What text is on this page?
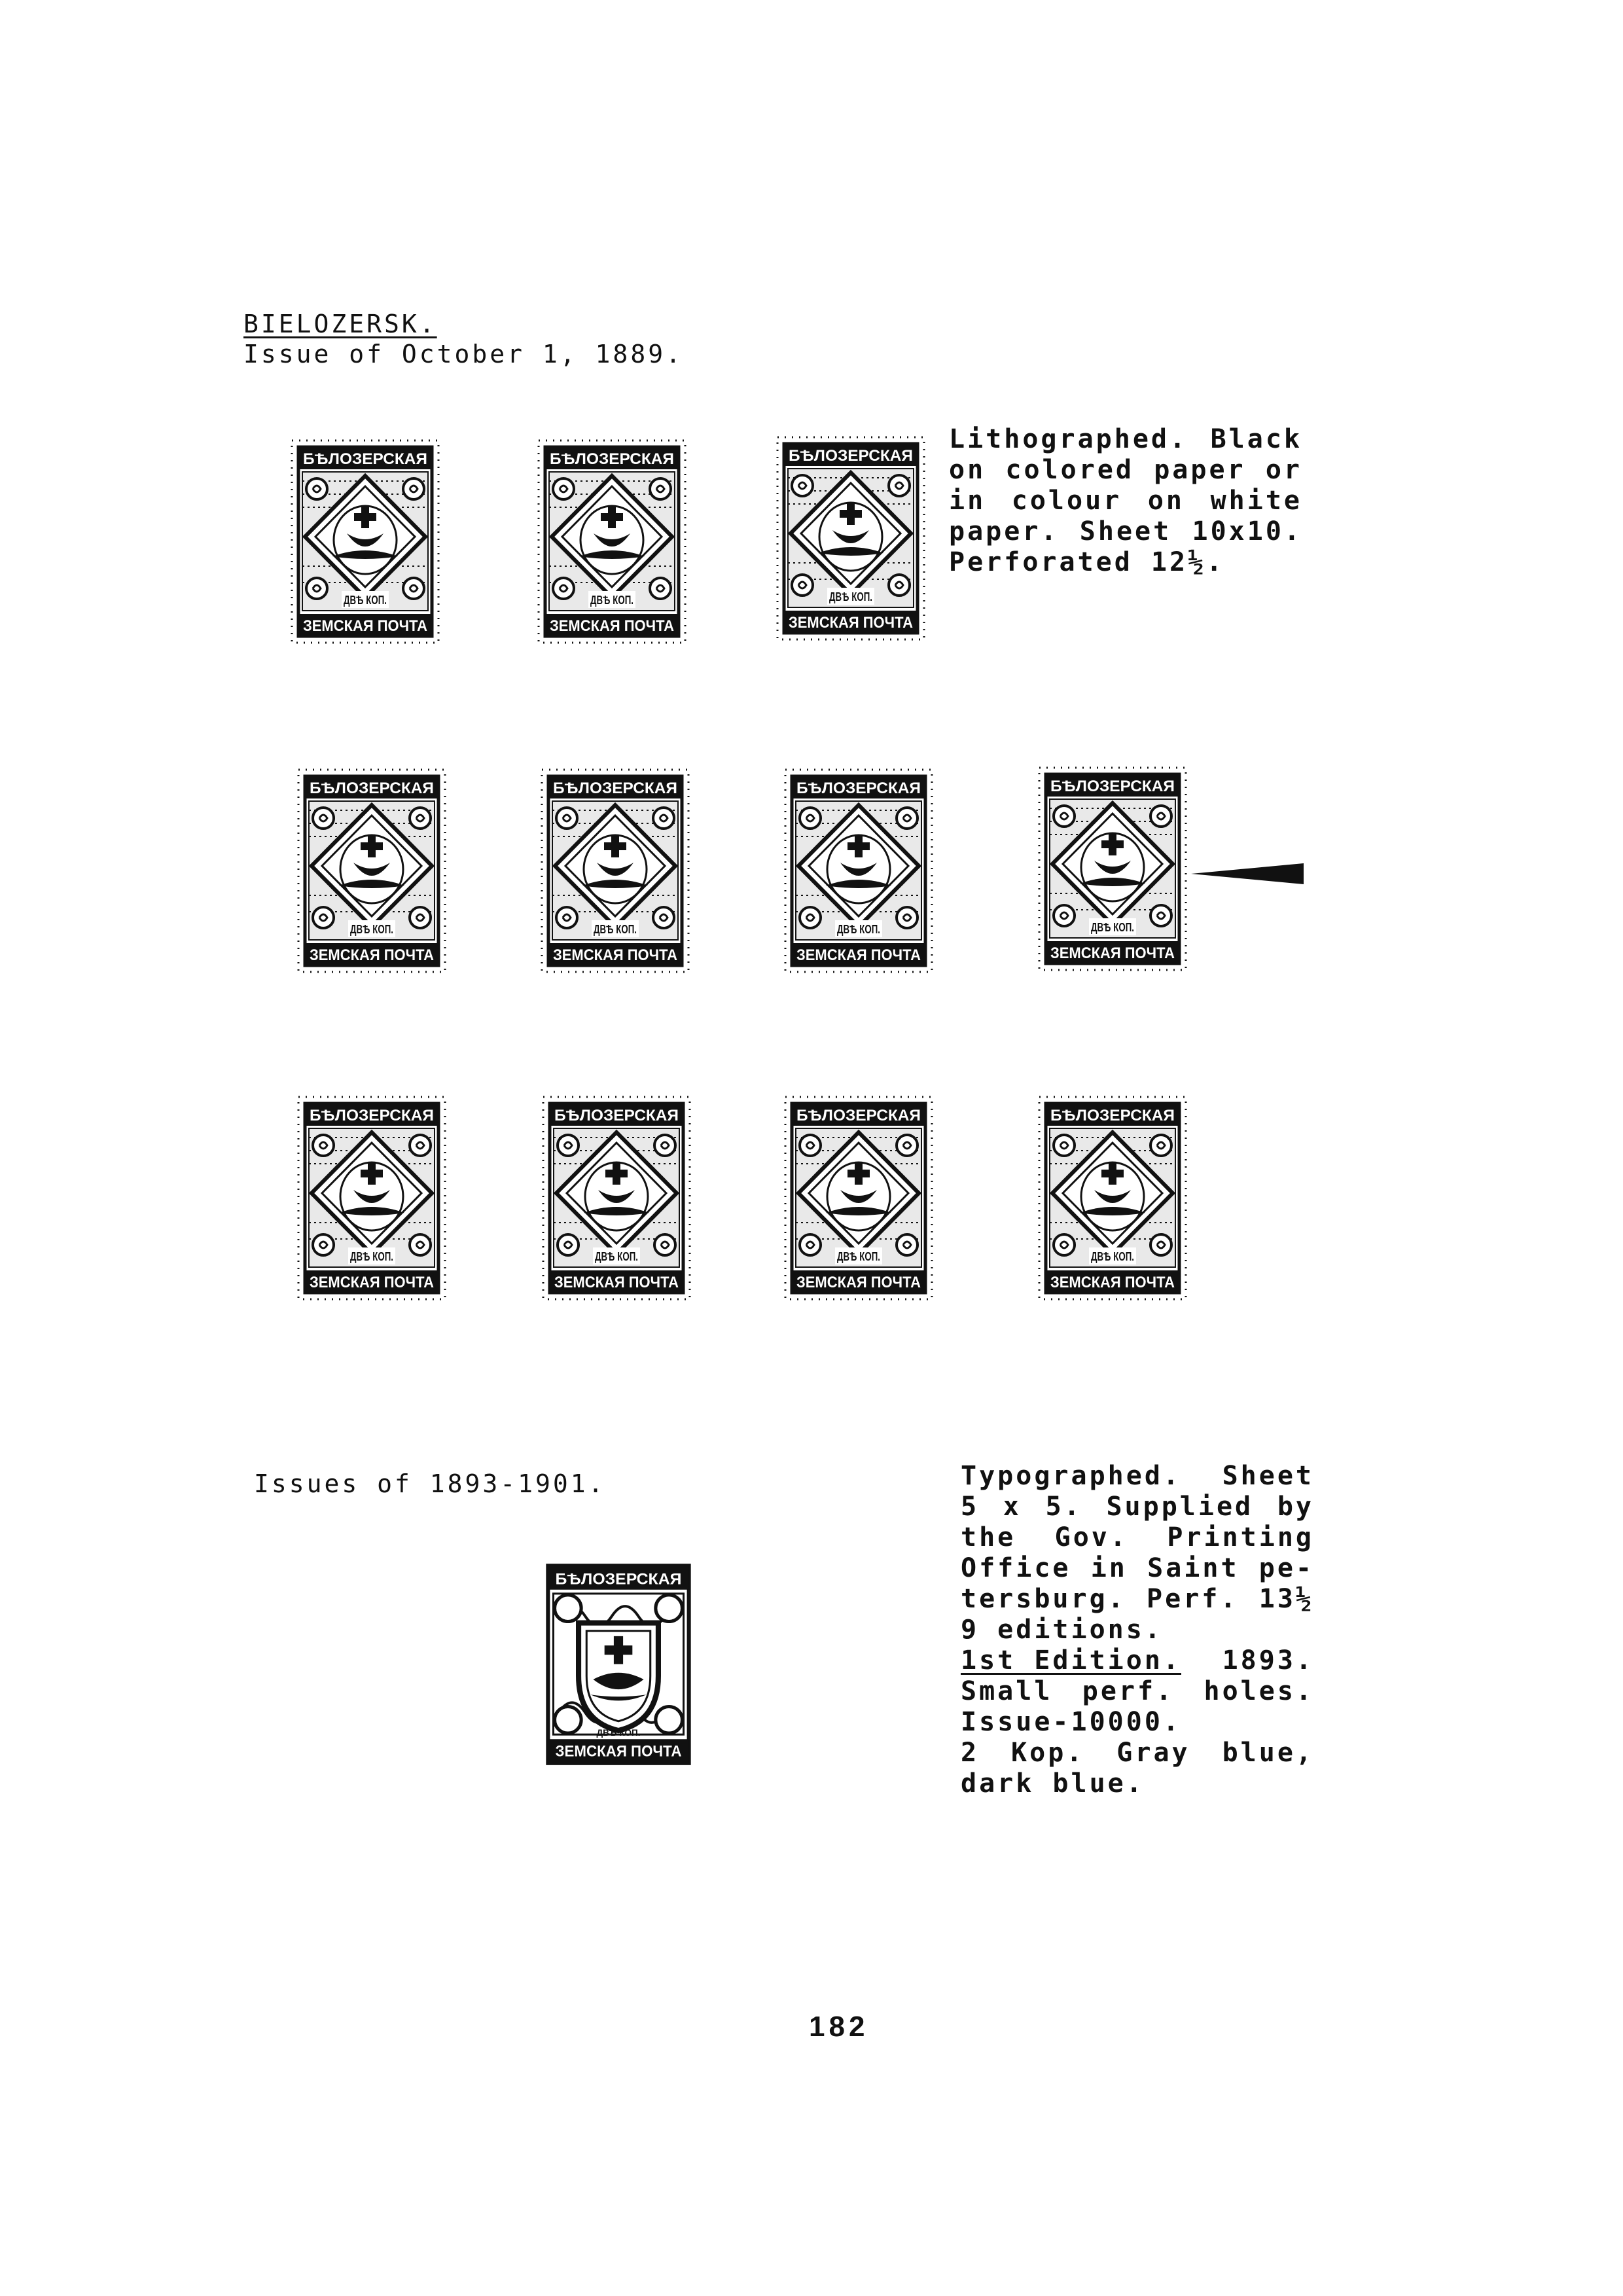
BIELOZERSK.
Issue of October 1, 1889.
Lithographed. Black
on colored paper or
in colour on white
paper. Sheet 10x10.
Perforated 12½.
БѢЛОЗЕРСКАЯ
ДВѢ КОП.
ЗЕМСКАЯ ПОЧТА
БѢЛОЗЕРСКАЯ
ДВѢ КОП.
ЗЕМСКАЯ ПОЧТА
БѢЛОЗЕРСКАЯ
ДВѢ КОП.
ЗЕМСКАЯ ПОЧТА
БѢЛОЗЕРСКАЯ
ДВѢ КОП.
ЗЕМСКАЯ ПОЧТА
БѢЛОЗЕРСКАЯ
ДВѢ КОП.
ЗЕМСКАЯ ПОЧТА
БѢЛОЗЕРСКАЯ
ДВѢ КОП.
ЗЕМСКАЯ ПОЧТА
БѢЛОЗЕРСКАЯ
ДВѢ КОП.
ЗЕМСКАЯ ПОЧТА
БѢЛОЗЕРСКАЯ
ДВѢ КОП.
ЗЕМСКАЯ ПОЧТА
БѢЛОЗЕРСКАЯ
ДВѢ КОП.
ЗЕМСКАЯ ПОЧТА
БѢЛОЗЕРСКАЯ
ДВѢ КОП.
ЗЕМСКАЯ ПОЧТА
БѢЛОЗЕРСКАЯ
ДВѢ КОП.
ЗЕМСКАЯ ПОЧТА
Issues of 1893-1901.
БѢЛОЗЕРСКАЯ
ДВѢ КОП.
ЗЕМСКАЯ ПОЧТА
Typographed. Sheet
5 x 5. Supplied by
the Gov. Printing
Office in Saint pe-
tersburg. Perf. 13½
9 editions.
1st Edition. 1893.
Small perf. holes.
Issue-10000.
2 Kop. Gray blue,
dark blue.
182
